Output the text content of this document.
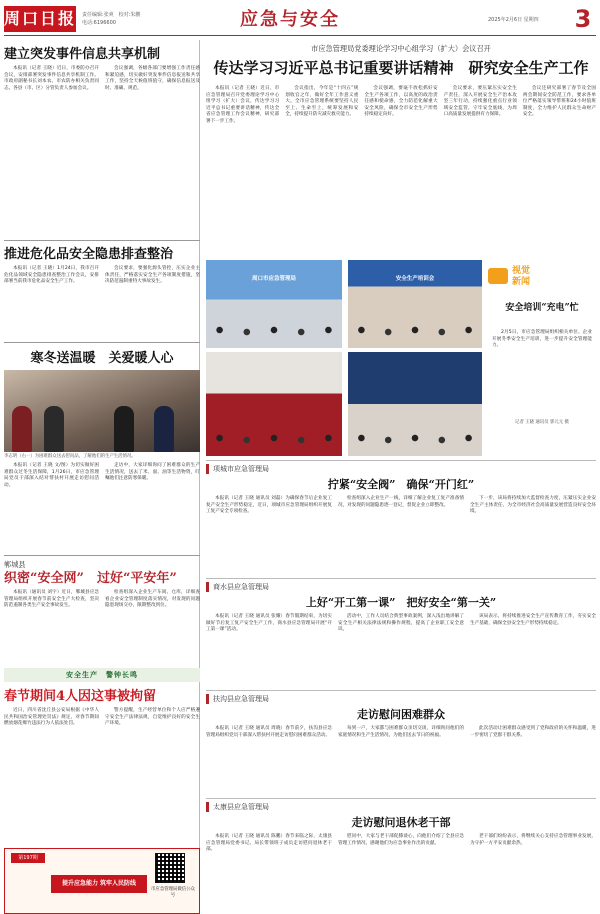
周口日报 责任编辑:张爽　校对:朱鹏
电话:6196600	应急与安全	2025年2月6日 星期四 3
建立突发事件信息共享机制
本报讯（记者 王晓）近日，市委防办召开会议，安排部署突发事件信息共享机制工作。市政府副秘书长刘本农、市农防办相关负责同志，各县（市、区）分管负责人参加会议。
会议强调，各级各部门要增强工作责任感和紧迫感，切实做好突发事件信息报送和共享工作，坚持全天候值班值守，确保信息报送及时、准确、规范。
推进危化品安全隐患排查整治
本报讯（记者 王晓）1月24日，我市召开危化品领域安全隐患排查整治工作会议，安排部署当前我市危化品安全生产工作。
会议要求，要强化源头管控，压实企业主体责任，严格落实安全生产各项制度措施，坚决防范遏制重特大事故发生。
寒冬送温暖　关爱暖人心
李志明（右一）为困难群众送去慰问品，了解他们的生产生活情况。
本报讯（记者 王晓 文/图）为切实做好困难群众过冬生活保障，1月26日，市应急管理局党员干部深入结对帮扶村开展走访慰问活动。
走访中，大家详细询问了困难群众的生产生活情况，送去了米、面、油等生活物资，叮嘱他们注意防寒保暖。
郸城县
织密“安全网”　过好“平安年”
本报讯（通讯员 刘宇）近日，郸城县应急管理局组织开展春节前安全生产大检查，坚决防范遏制各类生产安全事故发生。
检查组深入企业生产车间、仓库，详细查看企业安全管理制度落实情况，对发现的问题隐患现场交办，限期整改到位。
安全生产　警钟长鸣
春节期间4人因这事被拘留
近日，四川省沈丘县公安局根据《中华人民共和国治安管理处罚法》规定，对春节期间燃放烟花爆竹违法行为人依法处罚。
警方提醒，生产经营单位和个人应严格遵守安全生产法律法规，自觉维护良好的安全生产环境。
第197期
提升应急能力 筑牢人民防线
市应急管理局微信公众号
市应急管理局党委理论学习中心组学习（扩大）会议召开
传达学习习近平总书记重要讲话精神　研究安全生产工作
本报讯（记者 王晓）近日，市应急管理局召开党委理论学习中心组学习（扩大）会议，传达学习习近平总书记重要讲话精神，传达全省应急管理工作会议精神，研究部署下一步工作。
会议指出，今年是“十四五”规划收官之年，做好全年工作意义重大。全市应急管理系统要坚持人民至上、生命至上，统筹发展和安全，持续提升防灾减灾救灾能力。
会议强调，要毫不放松抓好安全生产各项工作，以高度的政治责任感和使命感，全力防范化解重大安全风险，确保全市安全生产形势持续稳定向好。
会议要求，要压紧压实安全生产责任，深入开展安全生产治本攻坚三年行动，持续强化重点行业领域安全监管，守牢安全底线，为周口高质量发展提供有力保障。
会议还研究部署了春节及全国两会期间安全防范工作，要求各单位严格落实领导带班和24小时值班制度，全力维护人民群众生命财产安全。
周口市应急管理局	安全生产培训会
视觉
新闻
安全培训“充电”忙
2月5日，市应急管理局组织相关单位、企业开展冬季安全生产培训，进一步提升安全管理能力。
记者 王晓 通讯员 郭元元 摄
项城市应急管理局
拧紧“安全阀”　确保“开门红”
本报讯（记者 王晓 通讯员 刘磊）为确保春节后企业复工复产安全生产形势稳定，近日，项城市应急管理局组织开展复工复产安全专项检查。
检查组深入企业生产一线，详细了解企业复工复产准备情况，对发现的问题隐患逐一登记，督促企业立即整改。
下一步，该局将持续加大监督检查力度，压紧压实企业安全生产主体责任，为全市经济社会高质量发展营造良好安全环境。
商水县应急管理局
上好“开工第一课”　把好安全“第一关”
本报讯（记者 王晓 通讯员 张耀）春节假期结束，为切实做好节后复工复产安全生产工作，商水县应急管理局开展“开工第一课”活动。
活动中，工作人员结合典型事故案例，深入浅出地讲解了安全生产相关法律法规和操作规程，提高了企业职工安全意识。
该局表示，将持续推进安全生产宣传教育工作，夯实安全生产基础，确保全县安全生产形势持续稳定。
扶沟县应急管理局
走访慰问困难群众
本报讯（记者 王晓 通讯员 周晓）春节前夕，扶沟县应急管理局组织党员干部深入帮扶村开展走访慰问困难群众活动。
每到一户，大家都与困难群众亲切交谈，详细询问他们的家庭情况和生产生活情况，为他们送去节日的祝福。
此次活动让困难群众感受到了党和政府的关怀和温暖，进一步密切了党群干群关系。
太康县应急管理局
走访慰问退休老干部
本报讯（记者 王晓 通讯员 陈鹏）春节来临之际，太康县应急管理局党委书记、局长带领班子成员走访慰问退休老干部。
慰问中，大家与老干部促膝谈心，向他们介绍了全县应急管理工作情况，感谢他们为应急事业作出的贡献。
老干部们纷纷表示，将继续关心支持应急管理事业发展，为守护一方平安贡献余热。
